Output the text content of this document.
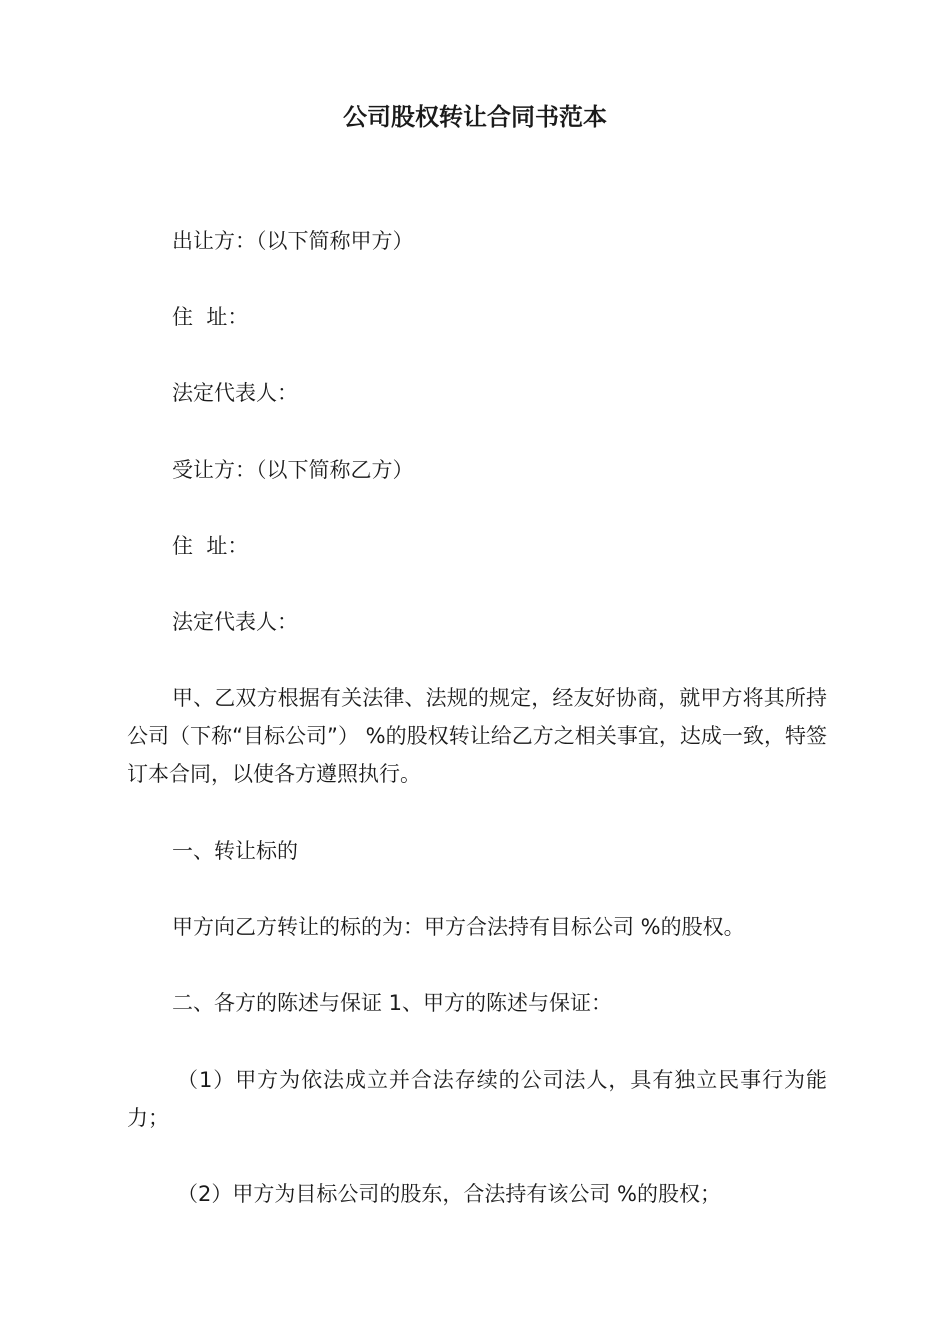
公司股权转让合同书范本
出让方：（以下简称甲方）
住  址：
法定代表人：
受让方：（以下简称乙方）
住  址：
法定代表人：
甲、乙双方根据有关法律、法规的规定，经友好协商，就甲方将其所持 公司（下称“目标公司”） %的股权转让给乙方之相关事宜，达成一致，特签订本合同，以使各方遵照执行。
一、转让标的
甲方向乙方转让的标的为：甲方合法持有目标公司 %的股权。
二、各方的陈述与保证 1、甲方的陈述与保证：
（1）甲方为依法成立并合法存续的公司法人，具有独立民事行为能力；
（2）甲方为目标公司的股东，合法持有该公司 %的股权；
